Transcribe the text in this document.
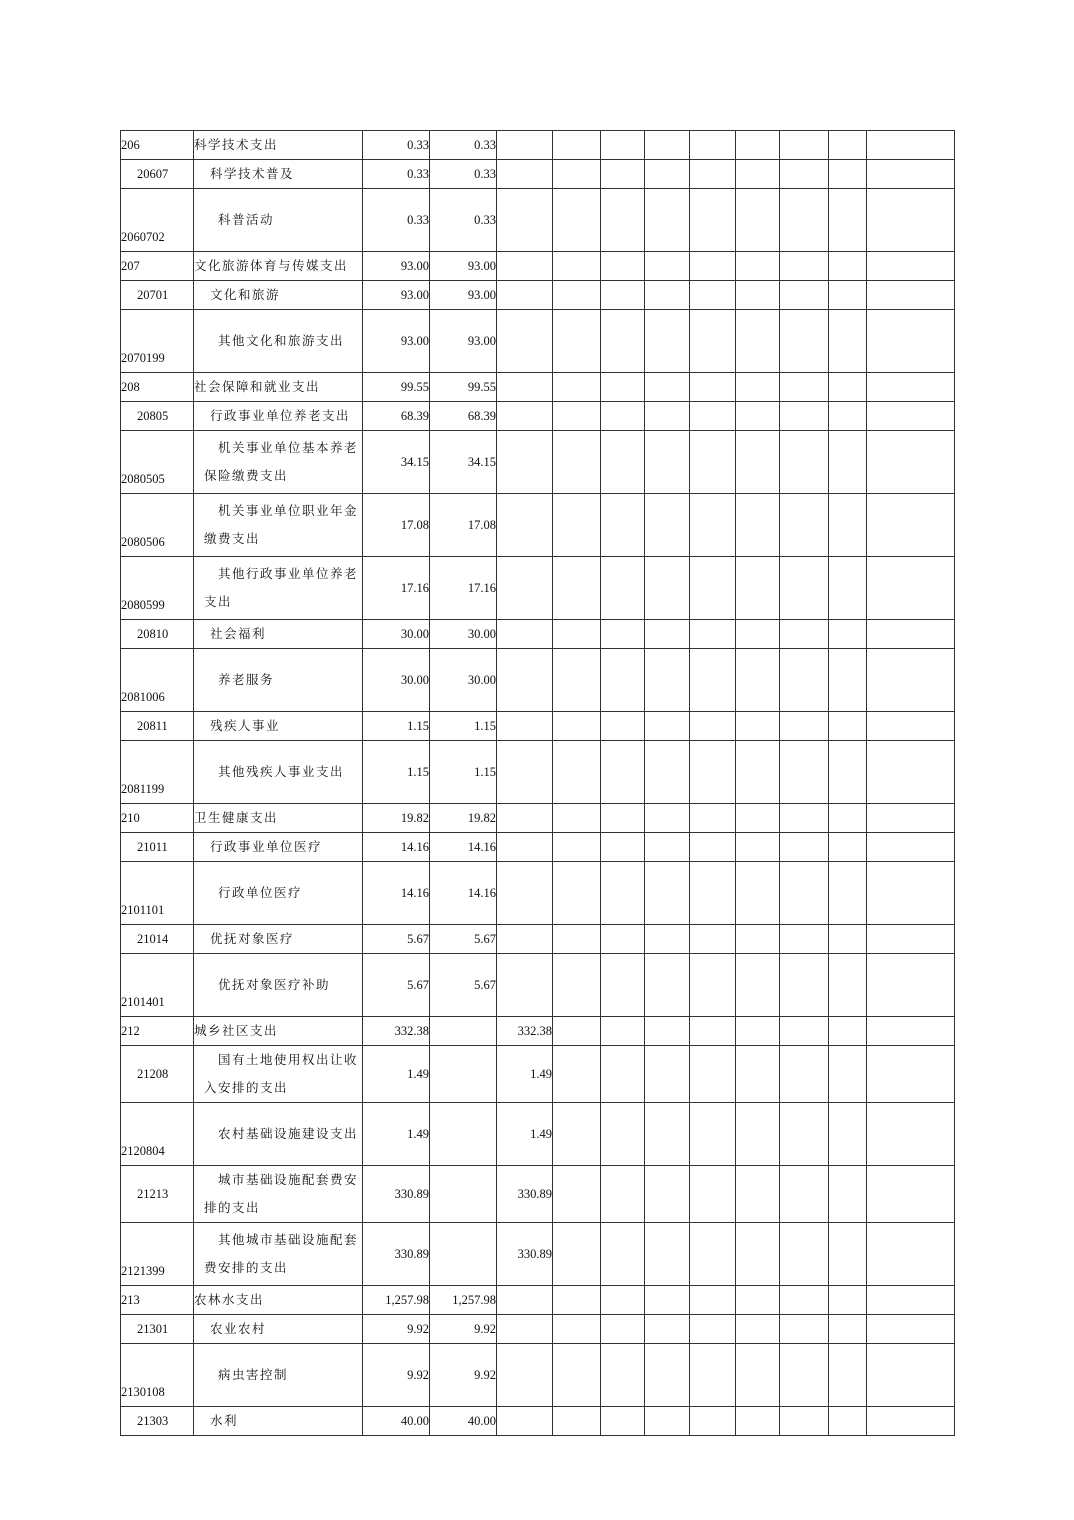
206	科学技术支出	0.33	0.33									
20607	科学技术普及	0.33	0.33									
2060702	科普活动	0.33	0.33									
207	文化旅游体育与传媒支出	93.00	93.00									
20701	文化和旅游	93.00	93.00									
2070199	其他文化和旅游支出	93.00	93.00									
208	社会保障和就业支出	99.55	99.55									
20805	行政事业单位养老支出	68.39	68.39									
2080505	机关事业单位基本养老保险缴费支出	34.15	34.15									
2080506	机关事业单位职业年金缴费支出	17.08	17.08									
2080599	其他行政事业单位养老支出	17.16	17.16									
20810	社会福利	30.00	30.00									
2081006	养老服务	30.00	30.00									
20811	残疾人事业	1.15	1.15									
2081199	其他残疾人事业支出	1.15	1.15									
210	卫生健康支出	19.82	19.82									
21011	行政事业单位医疗	14.16	14.16									
2101101	行政单位医疗	14.16	14.16									
21014	优抚对象医疗	5.67	5.67									
2101401	优抚对象医疗补助	5.67	5.67									
212	城乡社区支出	332.38		332.38								
21208	国有土地使用权出让收入安排的支出	1.49		1.49								
2120804	农村基础设施建设支出	1.49		1.49								
21213	城市基础设施配套费安排的支出	330.89		330.89								
2121399	其他城市基础设施配套费安排的支出	330.89		330.89								
213	农林水支出	1,257.98	1,257.98									
21301	农业农村	9.92	9.92									
2130108	病虫害控制	9.92	9.92									
21303	水利	40.00	40.00									
